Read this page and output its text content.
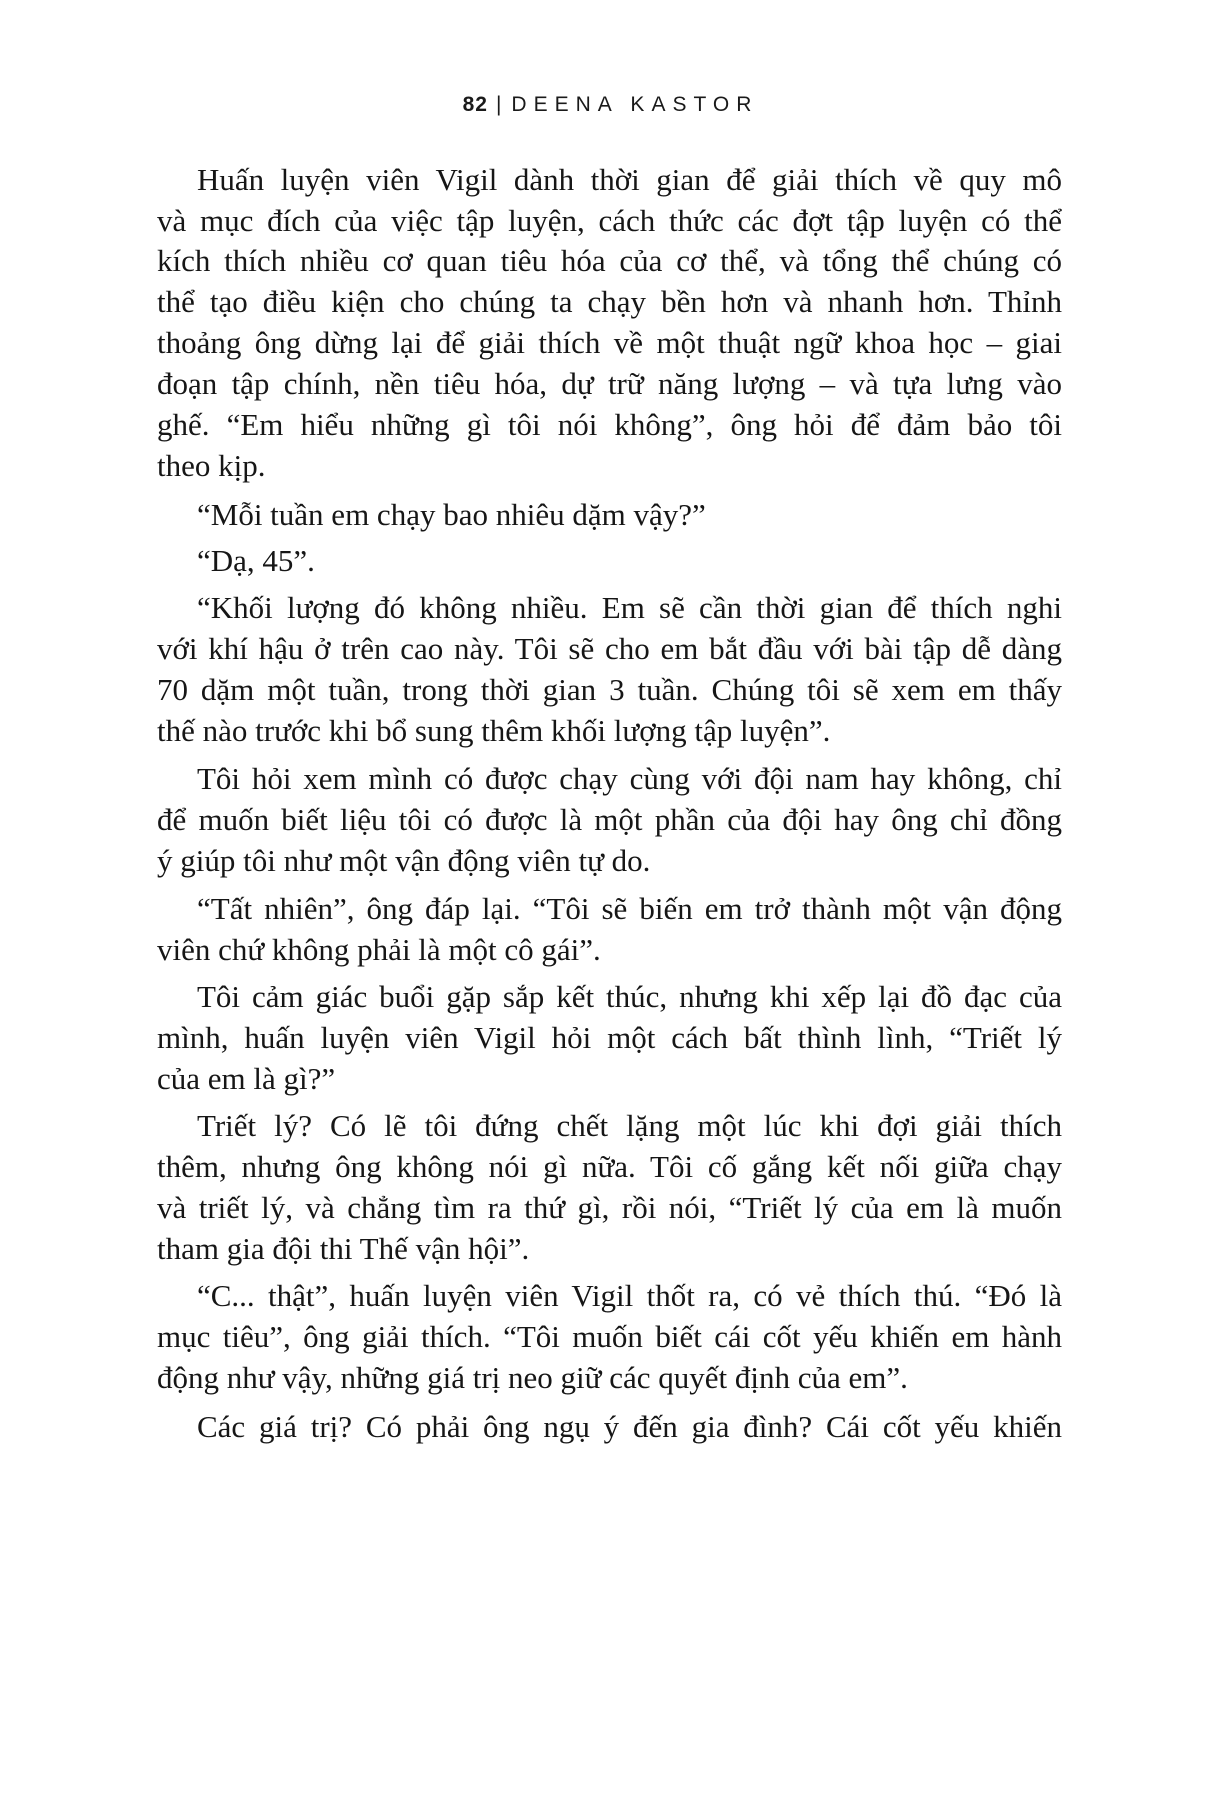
82 | DEENA KASTOR
Huấn luyện viên Vigil dành thời gian để giải thích về quy mô
và mục đích của việc tập luyện, cách thức các đợt tập luyện có thể
kích thích nhiều cơ quan tiêu hóa của cơ thể, và tổng thể chúng có
thể tạo điều kiện cho chúng ta chạy bền hơn và nhanh hơn. Thỉnh
thoảng ông dừng lại để giải thích về một thuật ngữ khoa học – giai
đoạn tập chính, nền tiêu hóa, dự trữ năng lượng – và tựa lưng vào
ghế. “Em hiểu những gì tôi nói không”, ông hỏi để đảm bảo tôi
theo kịp.
“Mỗi tuần em chạy bao nhiêu dặm vậy?”
“Dạ, 45”.
“Khối lượng đó không nhiều. Em sẽ cần thời gian để thích nghi
với khí hậu ở trên cao này. Tôi sẽ cho em bắt đầu với bài tập dễ dàng
70 dặm một tuần, trong thời gian 3 tuần. Chúng tôi sẽ xem em thấy
thế nào trước khi bổ sung thêm khối lượng tập luyện”.
Tôi hỏi xem mình có được chạy cùng với đội nam hay không, chỉ
để muốn biết liệu tôi có được là một phần của đội hay ông chỉ đồng
ý giúp tôi như một vận động viên tự do.
“Tất nhiên”, ông đáp lại. “Tôi sẽ biến em trở thành một vận động
viên chứ không phải là một cô gái”.
Tôi cảm giác buổi gặp sắp kết thúc, nhưng khi xếp lại đồ đạc của
mình, huấn luyện viên Vigil hỏi một cách bất thình lình, “Triết lý
của em là gì?”
Triết lý? Có lẽ tôi đứng chết lặng một lúc khi đợi giải thích
thêm, nhưng ông không nói gì nữa. Tôi cố gắng kết nối giữa chạy
và triết lý, và chẳng tìm ra thứ gì, rồi nói, “Triết lý của em là muốn
tham gia đội thi Thế vận hội”.
“C... thật”, huấn luyện viên Vigil thốt ra, có vẻ thích thú. “Đó là
mục tiêu”, ông giải thích. “Tôi muốn biết cái cốt yếu khiến em hành
động như vậy, những giá trị neo giữ các quyết định của em”.
Các giá trị? Có phải ông ngụ ý đến gia đình? Cái cốt yếu khiến
